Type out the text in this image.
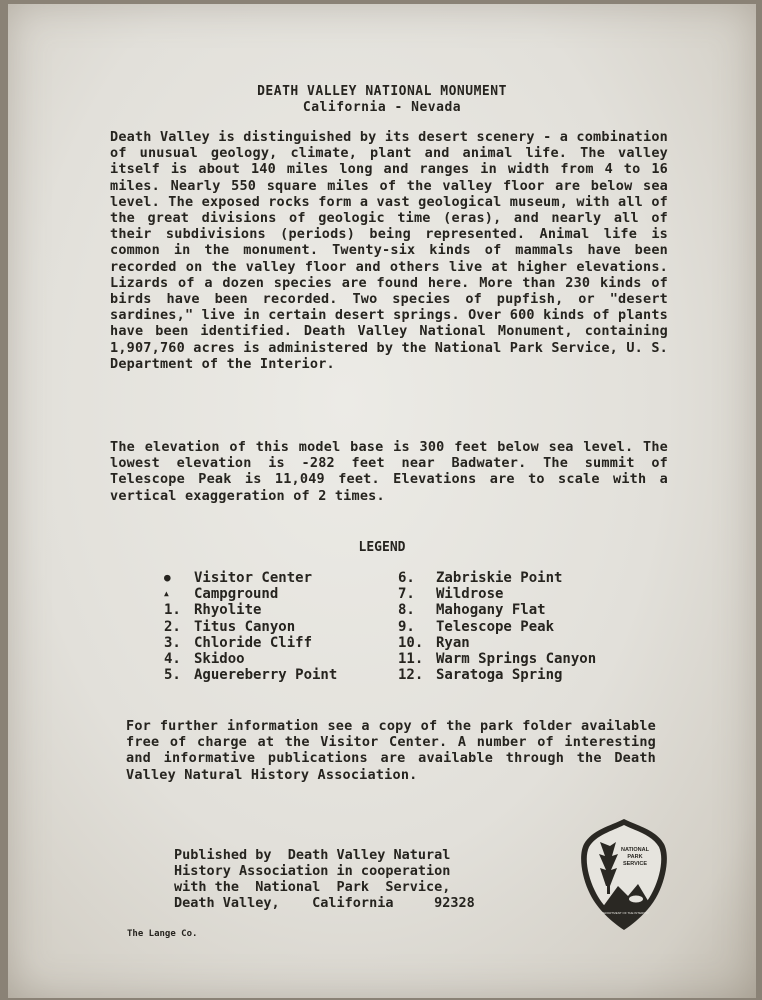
DEATH VALLEY NATIONAL MONUMENT
California - Nevada
Death Valley is distinguished by its desert scenery - a combination of unusual geology, climate, plant and animal life. The valley itself is about 140 miles long and ranges in width from 4 to 16 miles. Nearly 550 square miles of the valley floor are below sea level. The exposed rocks form a vast geological museum, with all of the great divisions of geologic time (eras), and nearly all of their subdivisions (periods) being represented. Animal life is common in the monument. Twenty-six kinds of mammals have been recorded on the valley floor and others live at higher elevations. Lizards of a dozen species are found here. More than 230 kinds of birds have been recorded. Two species of pupfish, or "desert sardines," live in certain desert springs. Over 600 kinds of plants have been identified. Death Valley National Monument, containing 1,907,760 acres is administered by the National Park Service, U. S. Department of the Interior.
The elevation of this model base is 300 feet below sea level. The lowest elevation is -282 feet near Badwater. The summit of Telescope Peak is 11,049 feet. Elevations are to scale with a vertical exaggeration of 2 times.
LEGEND
●	Visitor Center
▲	Campground
1. Rhyolite
2. Titus Canyon
3. Chloride Cliff
4. Skidoo
5. Aguereberry Point
6.	Zabriskie Point
7.	Wildrose
8.	Mahogany Flat
9.	Telescope Peak
10. Ryan
11. Warm Springs Canyon
12. Saratoga Spring
For further information see a copy of the park folder available free of charge at the Visitor Center. A number of interesting and informative publications are available through the Death Valley Natural History Association.
Published by  Death Valley Natural
History Association in cooperation
with the  National  Park  Service,
Death Valley,    California     92328
The Lange Co.
NATIONAL
PARK
SERVICE
DEPARTMENT OF THE INTERIOR
